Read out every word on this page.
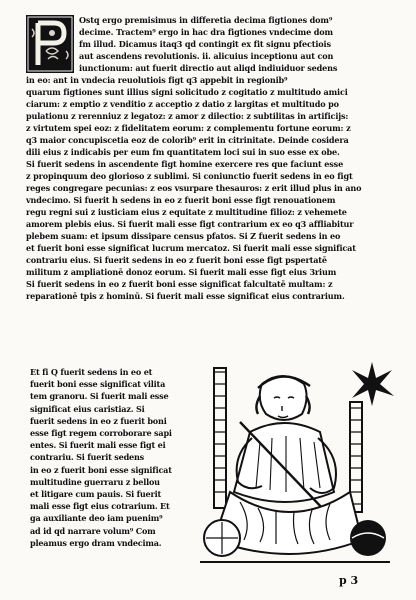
Ostq ergo premisimus in differetia decima figtiones dom⁹
decime. Tractem⁹ ergo in hac dra figtiones vndecime dom
fm illud. Dicamus itaq3 qd contingit ex fit signu pfectiois
aut ascendens revolutionis. ii. alicuius inceptionu aut con
iunctionum: aut fuerit directio aut aliqd indiuiduor sedens
in eo: ant in vndecia reuolutiois figt q3 appebit in regionib⁹
quarum figtiones sunt illius signi solicitudo z cogitatio z multitudo amici
ciarum: z emptio z venditio z acceptio z datio z largitas et multitudo po
pulationu z rerenniuz z legatoz: z amor z dilectio: z subtilitas in artificijs:
z virtutem spei eoz: z fidelitatem eorum: z complementu fortune eorum: z
q3 maior concupiscetia eoz de colorib⁹ erit in citrinitate. Deinde cosidera
dili eius z indicabis per eum fm quantitatem loci sui in suo esse ex obe.
Si fuerit sedens in ascendente figt homine exercere res que faciunt esse
z propinquum deo glorioso z sublimi. Si coniunctio fuerit sedens in eo figt
reges congregare pecunias: z eos vsurpare thesauros: z erit illud plus in ano
vndecimo. Si fuerit h sedens in eo z fuerit boni esse figt renouationem
regu regni sui z iusticiam eius z equitate z multitudine filioz: z vehemete
amorem plebis eius. Si fuerit mali esse figt contrarium ex eo q3 affliabitur
plebem suam: et ipsum dissipare census pfatos. Si Z fuerit sedens in eo
et fuerit boni esse significat lucrum mercatoz. Si fuerit mali esse significat
contrariu eius. Si fuerit sedens in eo z fuerit boni esse figt pspertatē
militum z ampliationē donoz eorum. Si fuerit mali esse figt eius 3rium
Si fuerit sedens in eo z fuerit boni esse significat falcultatē multam: z
reparationē tpis z hominū. Si fuerit mali esse significat eius contrarium.
Et fi Q fuerit sedens in eo et
fuerit boni esse significat vilita
tem granoru. Si fuerit mali esse
significat eius caristiaz. Si
fuerit sedens in eo z fuerit boni
esse figt regem corroborare sapi
entes. Si fuerit mali esse figt ei
contrariu. Si fuerit sedens
in eo z fuerit boni esse significat
multitudine guerraru z bellou
et litigare cum pauis. Si fuerit
mali esse figt eius cotrarium. Et
ga auxiliante deo iam puenim⁹
ad id qd narrare volum⁹ Com
pleamus ergo dram vndecima.
p 3
